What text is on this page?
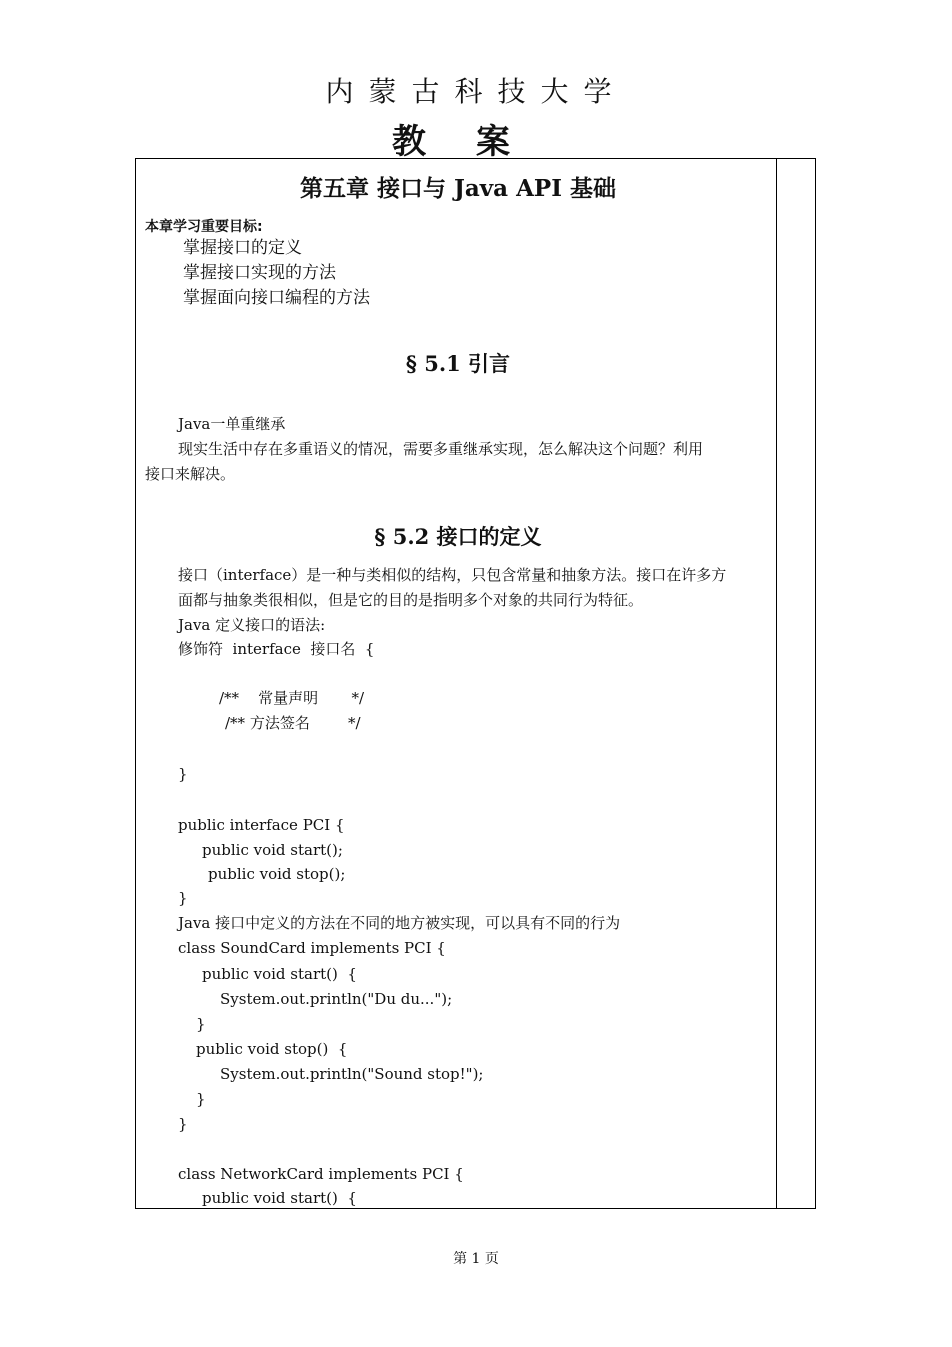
内蒙古科技大学
教案
第五章 接口与 Java API 基础
本章学习重要目标:
掌握接口的定义
掌握接口实现的方法
掌握面向接口编程的方法
§ 5.1 引言
Java一单重继承
现实生活中存在多重语义的情况，需要多重继承实现，怎么解决这个问题？利用
接口来解决。
§ 5.2 接口的定义
接口（interface）是一种与类相似的结构，只包含常量和抽象方法。接口在许多方
面都与抽象类很相似，但是它的目的是指明多个对象的共同行为特征。
Java 定义接口的语法:
修饰符  interface  接口名  {
/**    常量声明       */
/** 方法签名        */
}
public interface PCI {
public void start();
public void stop();
}
Java 接口中定义的方法在不同的地方被实现，可以具有不同的行为
class SoundCard implements PCI {
public void start()  {
System.out.println("Du du...");
}
public void stop()  {
System.out.println("Sound stop!");
}
}
class NetworkCard implements PCI {
public void start()  {
第 1 页
